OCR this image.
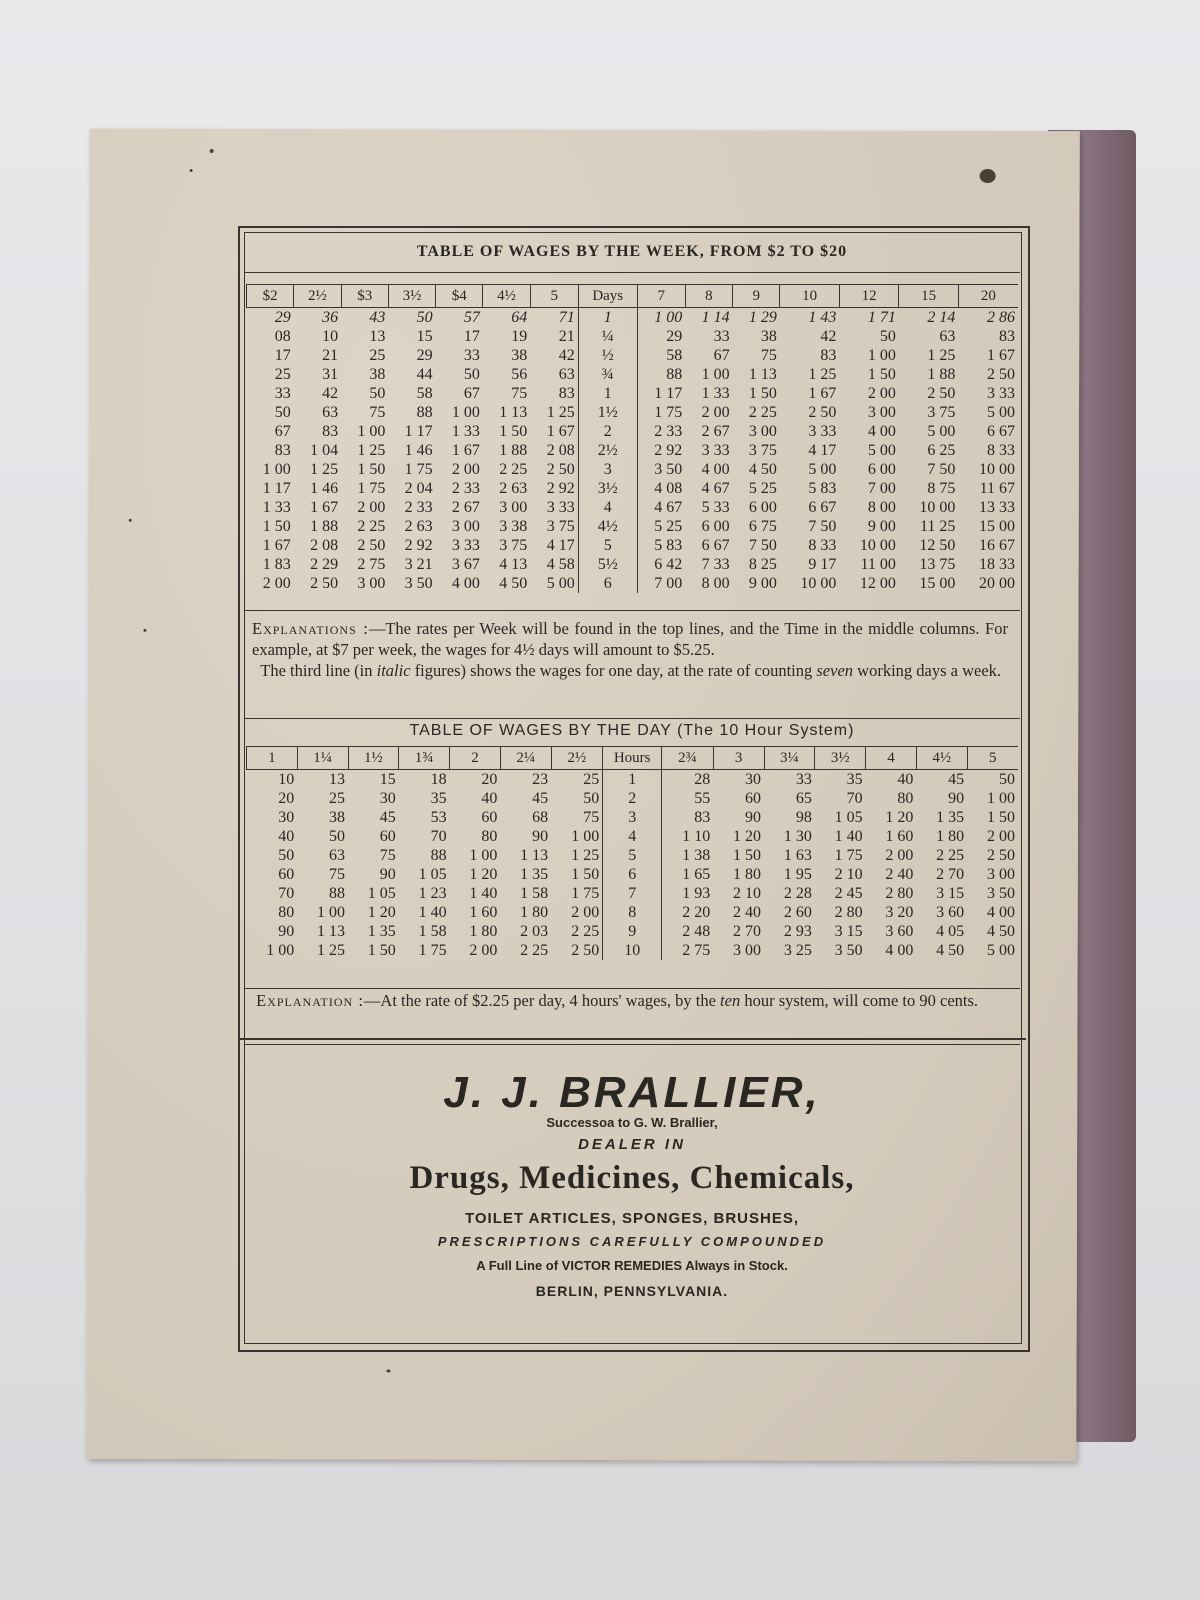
TABLE OF WAGES BY THE WEEK, FROM $2 TO $20
$2	2½	$3	3½	$4	4½	5	Days	7	8	9	10	12	15	20
29	36	43	50	57	64	71	1	1 00	1 14	1 29	1 43	1 71	2 14	2 86
08	10	13	15	17	19	21	¼	29	33	38	42	50	63	83
17	21	25	29	33	38	42	½	58	67	75	83	1 00	1 25	1 67
25	31	38	44	50	56	63	¾	88	1 00	1 13	1 25	1 50	1 88	2 50
33	42	50	58	67	75	83	1	1 17	1 33	1 50	1 67	2 00	2 50	3 33
50	63	75	88	1 00	1 13	1 25	1½	1 75	2 00	2 25	2 50	3 00	3 75	5 00
67	83	1 00	1 17	1 33	1 50	1 67	2	2 33	2 67	3 00	3 33	4 00	5 00	6 67
83	1 04	1 25	1 46	1 67	1 88	2 08	2½	2 92	3 33	3 75	4 17	5 00	6 25	8 33
1 00	1 25	1 50	1 75	2 00	2 25	2 50	3	3 50	4 00	4 50	5 00	6 00	7 50	10 00
1 17	1 46	1 75	2 04	2 33	2 63	2 92	3½	4 08	4 67	5 25	5 83	7 00	8 75	11 67
1 33	1 67	2 00	2 33	2 67	3 00	3 33	4	4 67	5 33	6 00	6 67	8 00	10 00	13 33
1 50	1 88	2 25	2 63	3 00	3 38	3 75	4½	5 25	6 00	6 75	7 50	9 00	11 25	15 00
1 67	2 08	2 50	2 92	3 33	3 75	4 17	5	5 83	6 67	7 50	8 33	10 00	12 50	16 67
1 83	2 29	2 75	3 21	3 67	4 13	4 58	5½	6 42	7 33	8 25	9 17	11 00	13 75	18 33
2 00	2 50	3 00	3 50	4 00	4 50	5 00	6	7 00	8 00	9 00	10 00	12 00	15 00	20 00
Explanations :—The rates per Week will be found in the top lines, and the Time in the middle columns. For example, at $7 per week, the wages for 4½ days will amount to $5.25.
The third line (in italic figures) shows the wages for one day, at the rate of counting seven working days a week.
TABLE OF WAGES BY THE DAY (The 10 Hour System)
1	1¼	1½	1¾	2	2¼	2½	Hours	2¾	3	3¼	3½	4	4½	5
10	13	15	18	20	23	25	1	28	30	33	35	40	45	50
20	25	30	35	40	45	50	2	55	60	65	70	80	90	1 00
30	38	45	53	60	68	75	3	83	90	98	1 05	1 20	1 35	1 50
40	50	60	70	80	90	1 00	4	1 10	1 20	1 30	1 40	1 60	1 80	2 00
50	63	75	88	1 00	1 13	1 25	5	1 38	1 50	1 63	1 75	2 00	2 25	2 50
60	75	90	1 05	1 20	1 35	1 50	6	1 65	1 80	1 95	2 10	2 40	2 70	3 00
70	88	1 05	1 23	1 40	1 58	1 75	7	1 93	2 10	2 28	2 45	2 80	3 15	3 50
80	1 00	1 20	1 40	1 60	1 80	2 00	8	2 20	2 40	2 60	2 80	3 20	3 60	4 00
90	1 13	1 35	1 58	1 80	2 03	2 25	9	2 48	2 70	2 93	3 15	3 60	4 05	4 50
1 00	1 25	1 50	1 75	2 00	2 25	2 50	10	2 75	3 00	3 25	3 50	4 00	4 50	5 00
Explanation :—At the rate of $2.25 per day, 4 hours' wages, by the ten hour system, will come to 90 cents.
J. J. BRALLIER,
Successoa to G. W. Brallier,
DEALER IN
Drugs, Medicines, Chemicals,
TOILET ARTICLES, SPONGES, BRUSHES,
PRESCRIPTIONS CAREFULLY COMPOUNDED
A Full Line of VICTOR REMEDIES Always in Stock.
BERLIN, PENNSYLVANIA.
